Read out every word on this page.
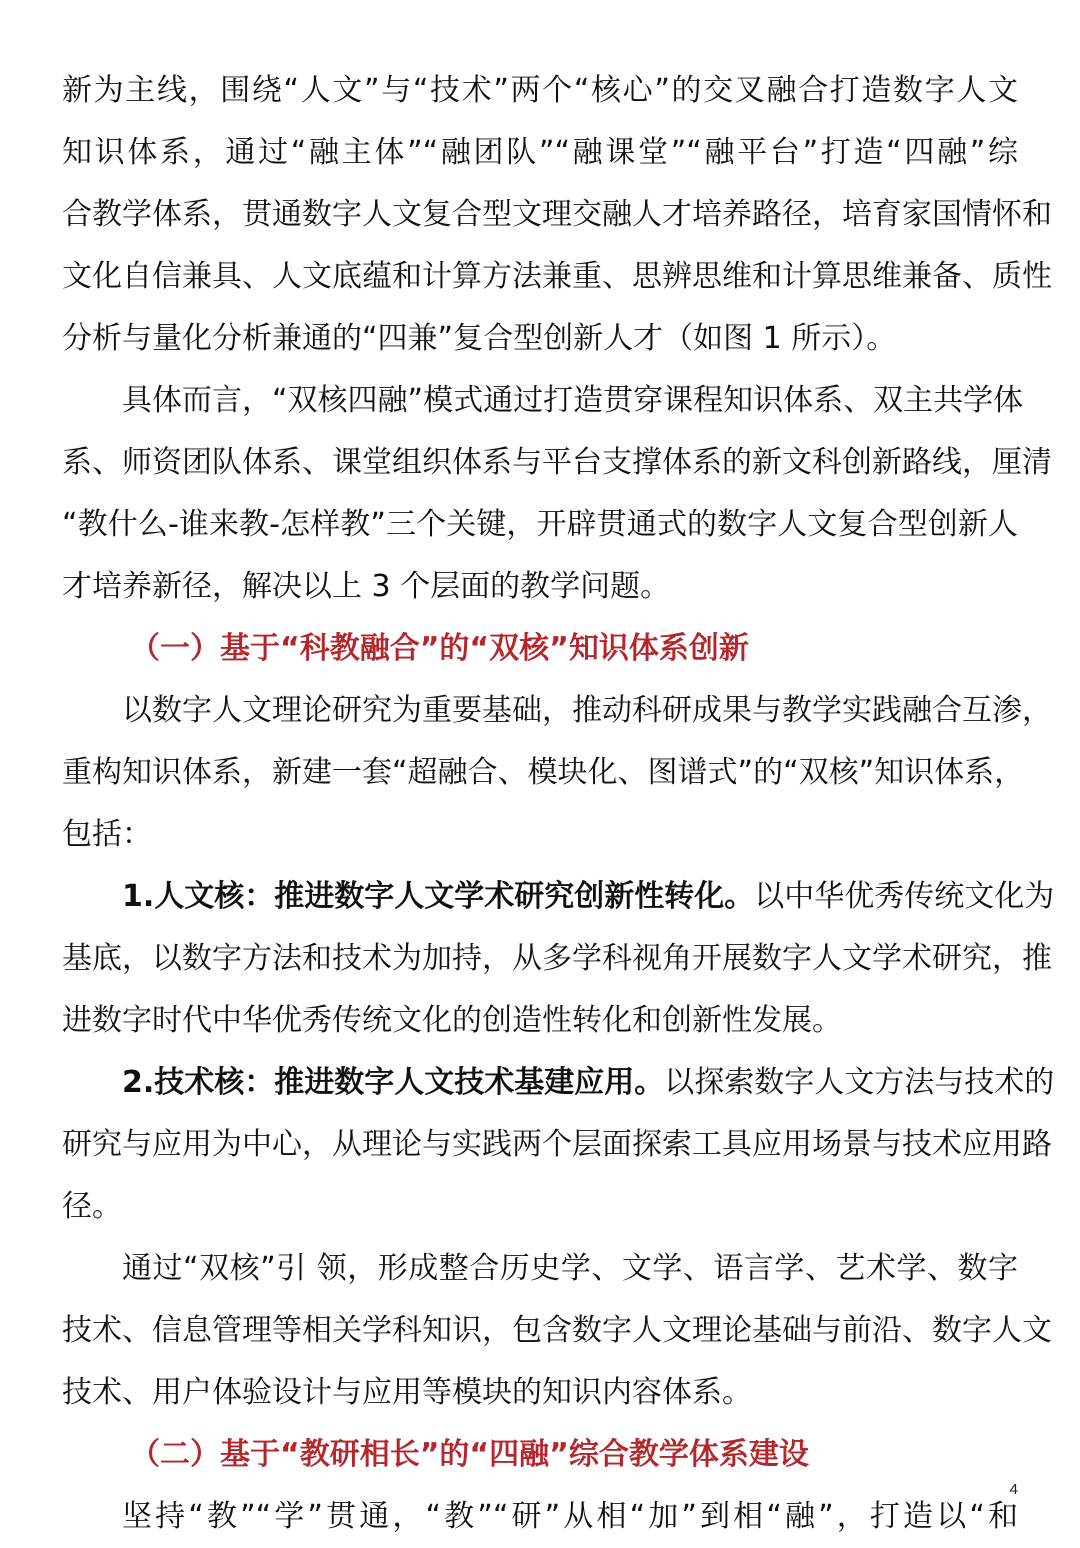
新为主线，围绕“人文”与“技术”两个“核心”的交叉融合打造数字人文
知识体系，通过“融主体”“融团队”“融课堂”“融平台”打造“四融”综
合教学体系，贯通数字人文复合型文理交融人才培养路径，培育家国情怀和
文化自信兼具、人文底蕴和计算方法兼重、思辨思维和计算思维兼备、质性
分析与量化分析兼通的“四兼”复合型创新人才（如图 1 所示）。
具体而言，“双核四融”模式通过打造贯穿课程知识体系、双主共学体
系、师资团队体系、课堂组织体系与平台支撑体系的新文科创新路线，厘清
“教什么-谁来教-怎样教”三个关键，开辟贯通式的数字人文复合型创新人
才培养新径，解决以上 3 个层面的教学问题。
（一）基于“科教融合”的“双核”知识体系创新
以数字人文理论研究为重要基础，推动科研成果与教学实践融合互渗，
重构知识体系，新建一套“超融合、模块化、图谱式”的“双核”知识体系，
包括：
1.人文核：推进数字人文学术研究创新性转化。以中华优秀传统文化为
基底，以数字方法和技术为加持，从多学科视角开展数字人文学术研究，推
进数字时代中华优秀传统文化的创造性转化和创新性发展。
2.技术核：推进数字人文技术基建应用。以探索数字人文方法与技术的
研究与应用为中心，从理论与实践两个层面探索工具应用场景与技术应用路
径。
通过“双核”引 领，形成整合历史学、文学、语言学、艺术学、数字
技术、信息管理等相关学科知识，包含数字人文理论基础与前沿、数字人文
技术、用户体验设计与应用等模块的知识内容体系。
（二）基于“教研相长”的“四融”综合教学体系建设
坚持“教”“学”贯通，“教”“研”从相“加”到相“融”，打造以“和
4
